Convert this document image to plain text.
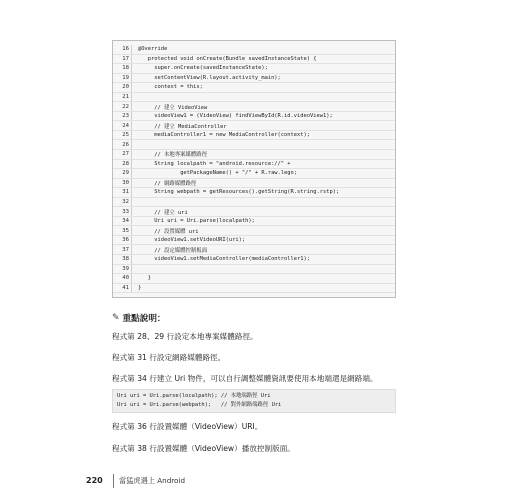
16	@Override
17	protected void onCreate(Bundle savedInstanceState) {
18	super.onCreate(savedInstanceState);
19	setContentView(R.layout.activity_main);
20	context = this;
21
22	// 建立 VideoView
23	videoView1 = (VideoView) findViewById(R.id.videoView1);
24	// 建立 MediaController
25	mediaController1 = new MediaController(context);
26
27	// 本地專案媒體路徑
28	String localpath = "android.resource://" +
29	getPackageName() + "/" + R.raw.lego;
30	// 網路媒體路徑
31	String webpath = getResources().getString(R.string.rstp);
32
33	// 建立 uri
34	Uri uri = Uri.parse(localpath);
35	// 設置媒體 uri
36	videoView1.setVideoURI(uri);
37	// 設定媒體控制板面
38	videoView1.setMediaController(mediaController1);
39
40	}
41	}
✎ 重點說明：
程式第 28、29 行設定本地專案媒體路徑。
程式第 31 行設定網路媒體路徑。
程式第 34 行建立 Uri 物件，可以自行調整媒體資訊要使用本地端還是網路端。
Uri uri = Uri.parse(localpath); // 本地端路徑 Uri
Uri uri = Uri.parse(webpath);   // 對外網路端路徑 Uri
程式第 36 行設置媒體（VideoView）URI。
程式第 38 行設置媒體（VideoView）播放控制版面。
220 當猛虎遇上 Android
